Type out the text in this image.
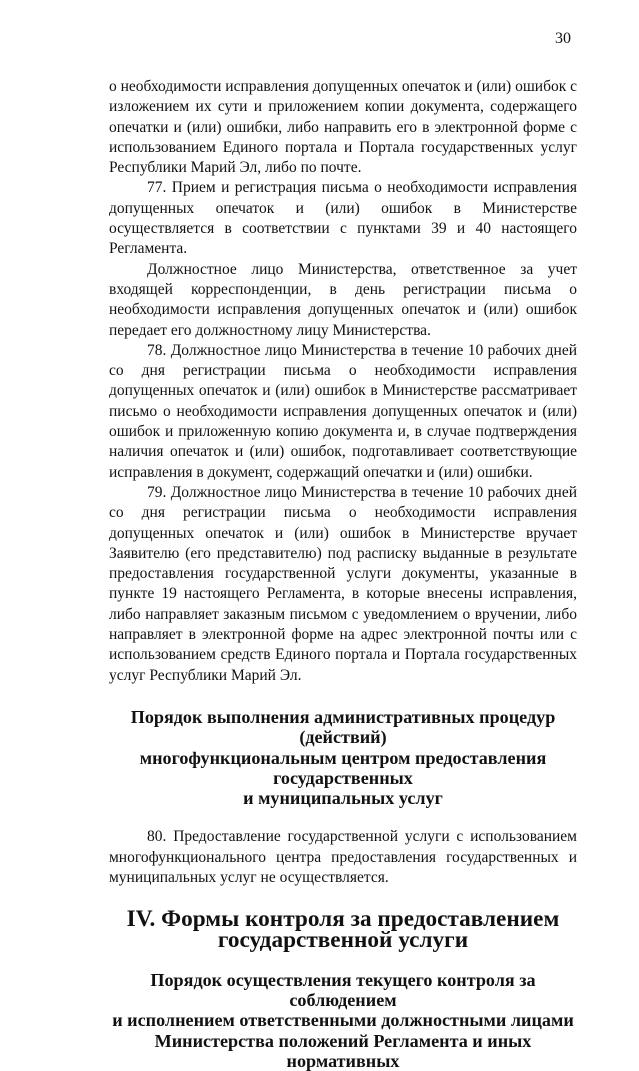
30

о необходимости исправления допущенных опечаток и (или) ошибок с изложением их сути и приложением копии документа, содержащего опечатки и (или) ошибки, либо направить его в электронной форме с использованием Единого портала и Портала государственных услуг Республики Марий Эл, либо по почте.

77. Прием и регистрация письма о необходимости исправления допущенных опечаток и (или) ошибок в Министерстве осуществляется в соответствии с пунктами 39 и 40 настоящего Регламента.

Должностное лицо Министерства, ответственное за учет входящей корреспонденции, в день регистрации письма о необходимости исправления допущенных опечаток и (или) ошибок передает его должностному лицу Министерства.

78. Должностное лицо Министерства в течение 10 рабочих дней со дня регистрации письма о необходимости исправления допущенных опечаток и (или) ошибок в Министерстве рассматривает письмо о необходимости исправления допущенных опечаток и (или) ошибок и приложенную копию документа и, в случае подтверждения наличия опечаток и (или) ошибок, подготавливает соответствующие исправления в документ, содержащий опечатки и (или) ошибки.

79. Должностное лицо Министерства в течение 10 рабочих дней со дня регистрации письма о необходимости исправления допущенных опечаток и (или) ошибок в Министерстве вручает Заявителю (его представителю) под расписку выданные в результате предоставления государственной услуги документы, указанные в пункте 19 настоящего Регламента, в которые внесены исправления, либо направляет заказным письмом с уведомлением о вручении, либо направляет в электронной форме на адрес электронной почты или с использованием средств Единого портала и Портала государственных услуг Республики Марий Эл.

Порядок выполнения административных процедур (действий)
многофункциональным центром предоставления государственных
и муниципальных услуг

80. Предоставление государственной услуги с использованием многофункционального центра предоставления государственных и муниципальных услуг не осуществляется.

IV. Формы контроля за предоставлением государственной услуги
Порядок осуществления текущего контроля за соблюдением
и исполнением ответственными должностными лицами
Министерства положений Регламента и иных нормативных
